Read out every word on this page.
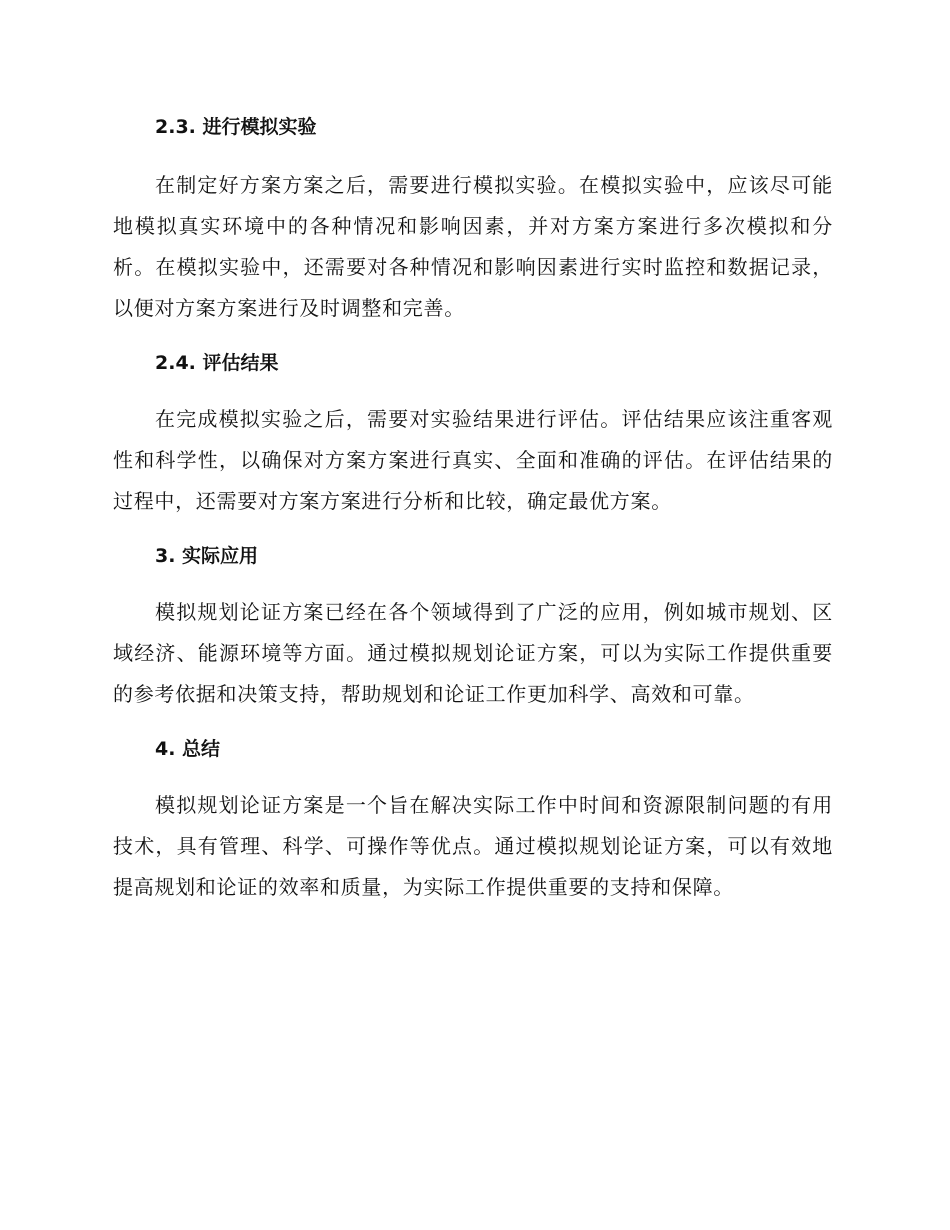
2.3. 进行模拟实验

在制定好方案方案之后，需要进行模拟实验。在模拟实验中，应该尽可能地模拟真实环境中的各种情况和影响因素，并对方案方案进行多次模拟和分析。在模拟实验中，还需要对各种情况和影响因素进行实时监控和数据记录，以便对方案方案进行及时调整和完善。

2.4. 评估结果

在完成模拟实验之后，需要对实验结果进行评估。评估结果应该注重客观性和科学性，以确保对方案方案进行真实、全面和准确的评估。在评估结果的过程中，还需要对方案方案进行分析和比较，确定最优方案。

3. 实际应用

模拟规划论证方案已经在各个领域得到了广泛的应用，例如城市规划、区域经济、能源环境等方面。通过模拟规划论证方案，可以为实际工作提供重要的参考依据和决策支持，帮助规划和论证工作更加科学、高效和可靠。

4. 总结

模拟规划论证方案是一个旨在解决实际工作中时间和资源限制问题的有用技术，具有管理、科学、可操作等优点。通过模拟规划论证方案，可以有效地提高规划和论证的效率和质量，为实际工作提供重要的支持和保障。
